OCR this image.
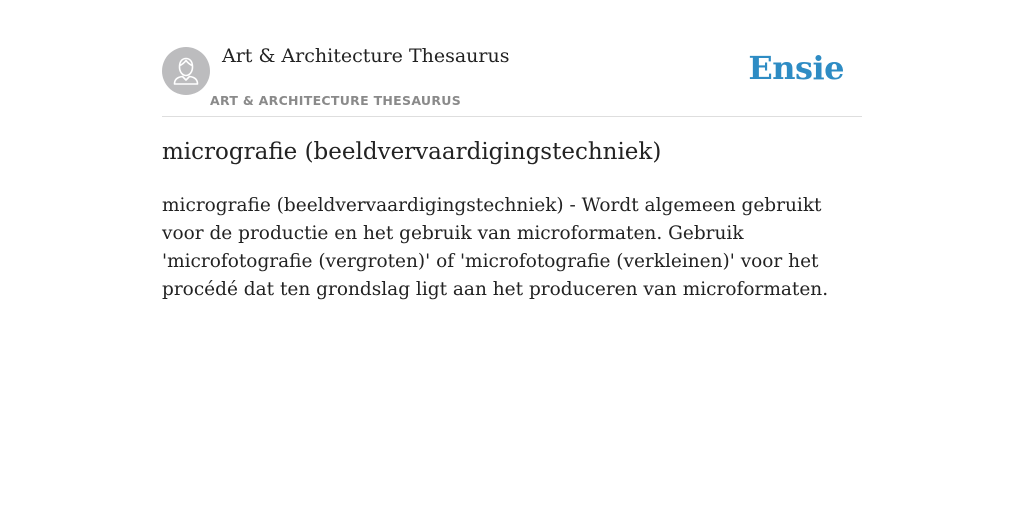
Art & Architecture Thesaurus
ART & ARCHITECTURE THESAURUS
Ensie
micrografie (beeldvervaardigingstechniek)

micrografie (beeldvervaardigingstechniek) - Wordt algemeen gebruikt voor de productie en het gebruik van microformaten. Gebruik 'microfotografie (vergroten)' of 'microfotografie (verkleinen)' voor het procédé dat ten grondslag ligt aan het produceren van microformaten.
